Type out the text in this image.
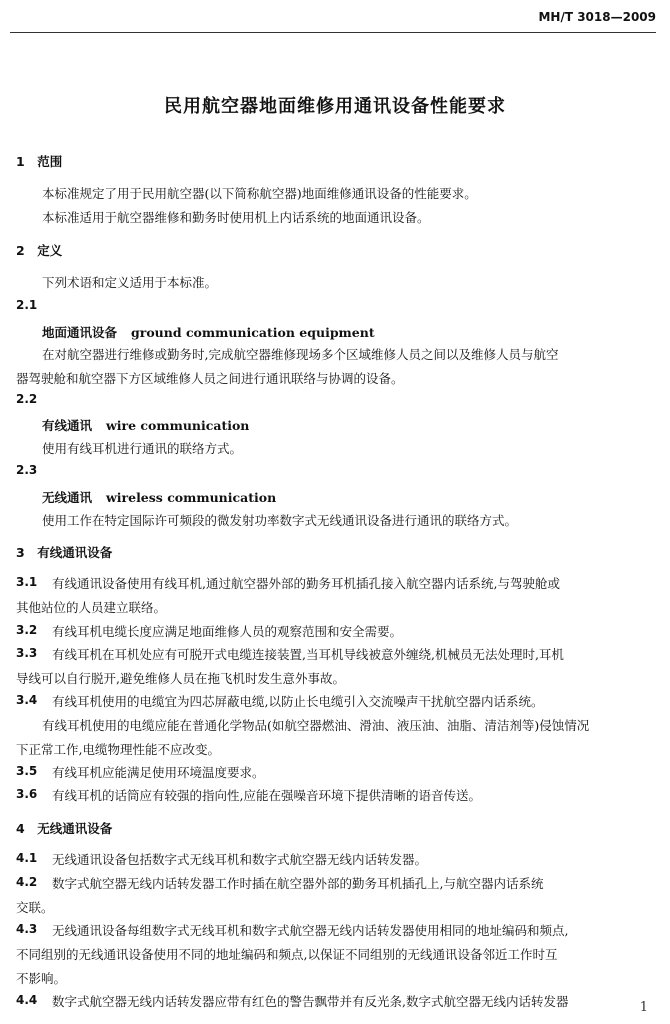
MH/T 3018—2009
民用航空器地面维修用通讯设备性能要求
1　范围
本标准规定了用于民用航空器(以下简称航空器)地面维修通讯设备的性能要求。
本标准适用于航空器维修和勤务时使用机上内话系统的地面通讯设备。
2　定义
下列术语和定义适用于本标准。
2.1
地面通讯设备 ground communication equipment
在对航空器进行维修或勤务时,完成航空器维修现场多个区域维修人员之间以及维修人员与航空
器驾驶舱和航空器下方区域维修人员之间进行通讯联络与协调的设备。
2.2
有线通讯 wire communication
使用有线耳机进行通讯的联络方式。
2.3
无线通讯 wireless communication
使用工作在特定国际许可频段的微发射功率数字式无线通讯设备进行通讯的联络方式。
3　有线通讯设备
3.1 有线通讯设备使用有线耳机,通过航空器外部的勤务耳机插孔接入航空器内话系统,与驾驶舱或
其他站位的人员建立联络。
3.2 有线耳机电缆长度应满足地面维修人员的观察范围和安全需要。
3.3 有线耳机在耳机处应有可脱开式电缆连接装置,当耳机导线被意外缠绕,机械员无法处理时,耳机
导线可以自行脱开,避免维修人员在拖飞机时发生意外事故。
3.4 有线耳机使用的电缆宜为四芯屏蔽电缆,以防止长电缆引入交流噪声干扰航空器内话系统。
有线耳机使用的电缆应能在普通化学物品(如航空器燃油、滑油、液压油、油脂、清洁剂等)侵蚀情况
下正常工作,电缆物理性能不应改变。
3.5 有线耳机应能满足使用环境温度要求。
3.6 有线耳机的话筒应有较强的指向性,应能在强噪音环境下提供清晰的语音传送。
4　无线通讯设备
4.1 无线通讯设备包括数字式无线耳机和数字式航空器无线内话转发器。
4.2 数字式航空器无线内话转发器工作时插在航空器外部的勤务耳机插孔上,与航空器内话系统
交联。
4.3 无线通讯设备每组数字式无线耳机和数字式航空器无线内话转发器使用相同的地址编码和频点,
不同组别的无线通讯设备使用不同的地址编码和频点,以保证不同组别的无线通讯设备邻近工作时互
不影响。
4.4 数字式航空器无线内话转发器应带有红色的警告飘带并有反光条,数字式航空器无线内话转发器	1
